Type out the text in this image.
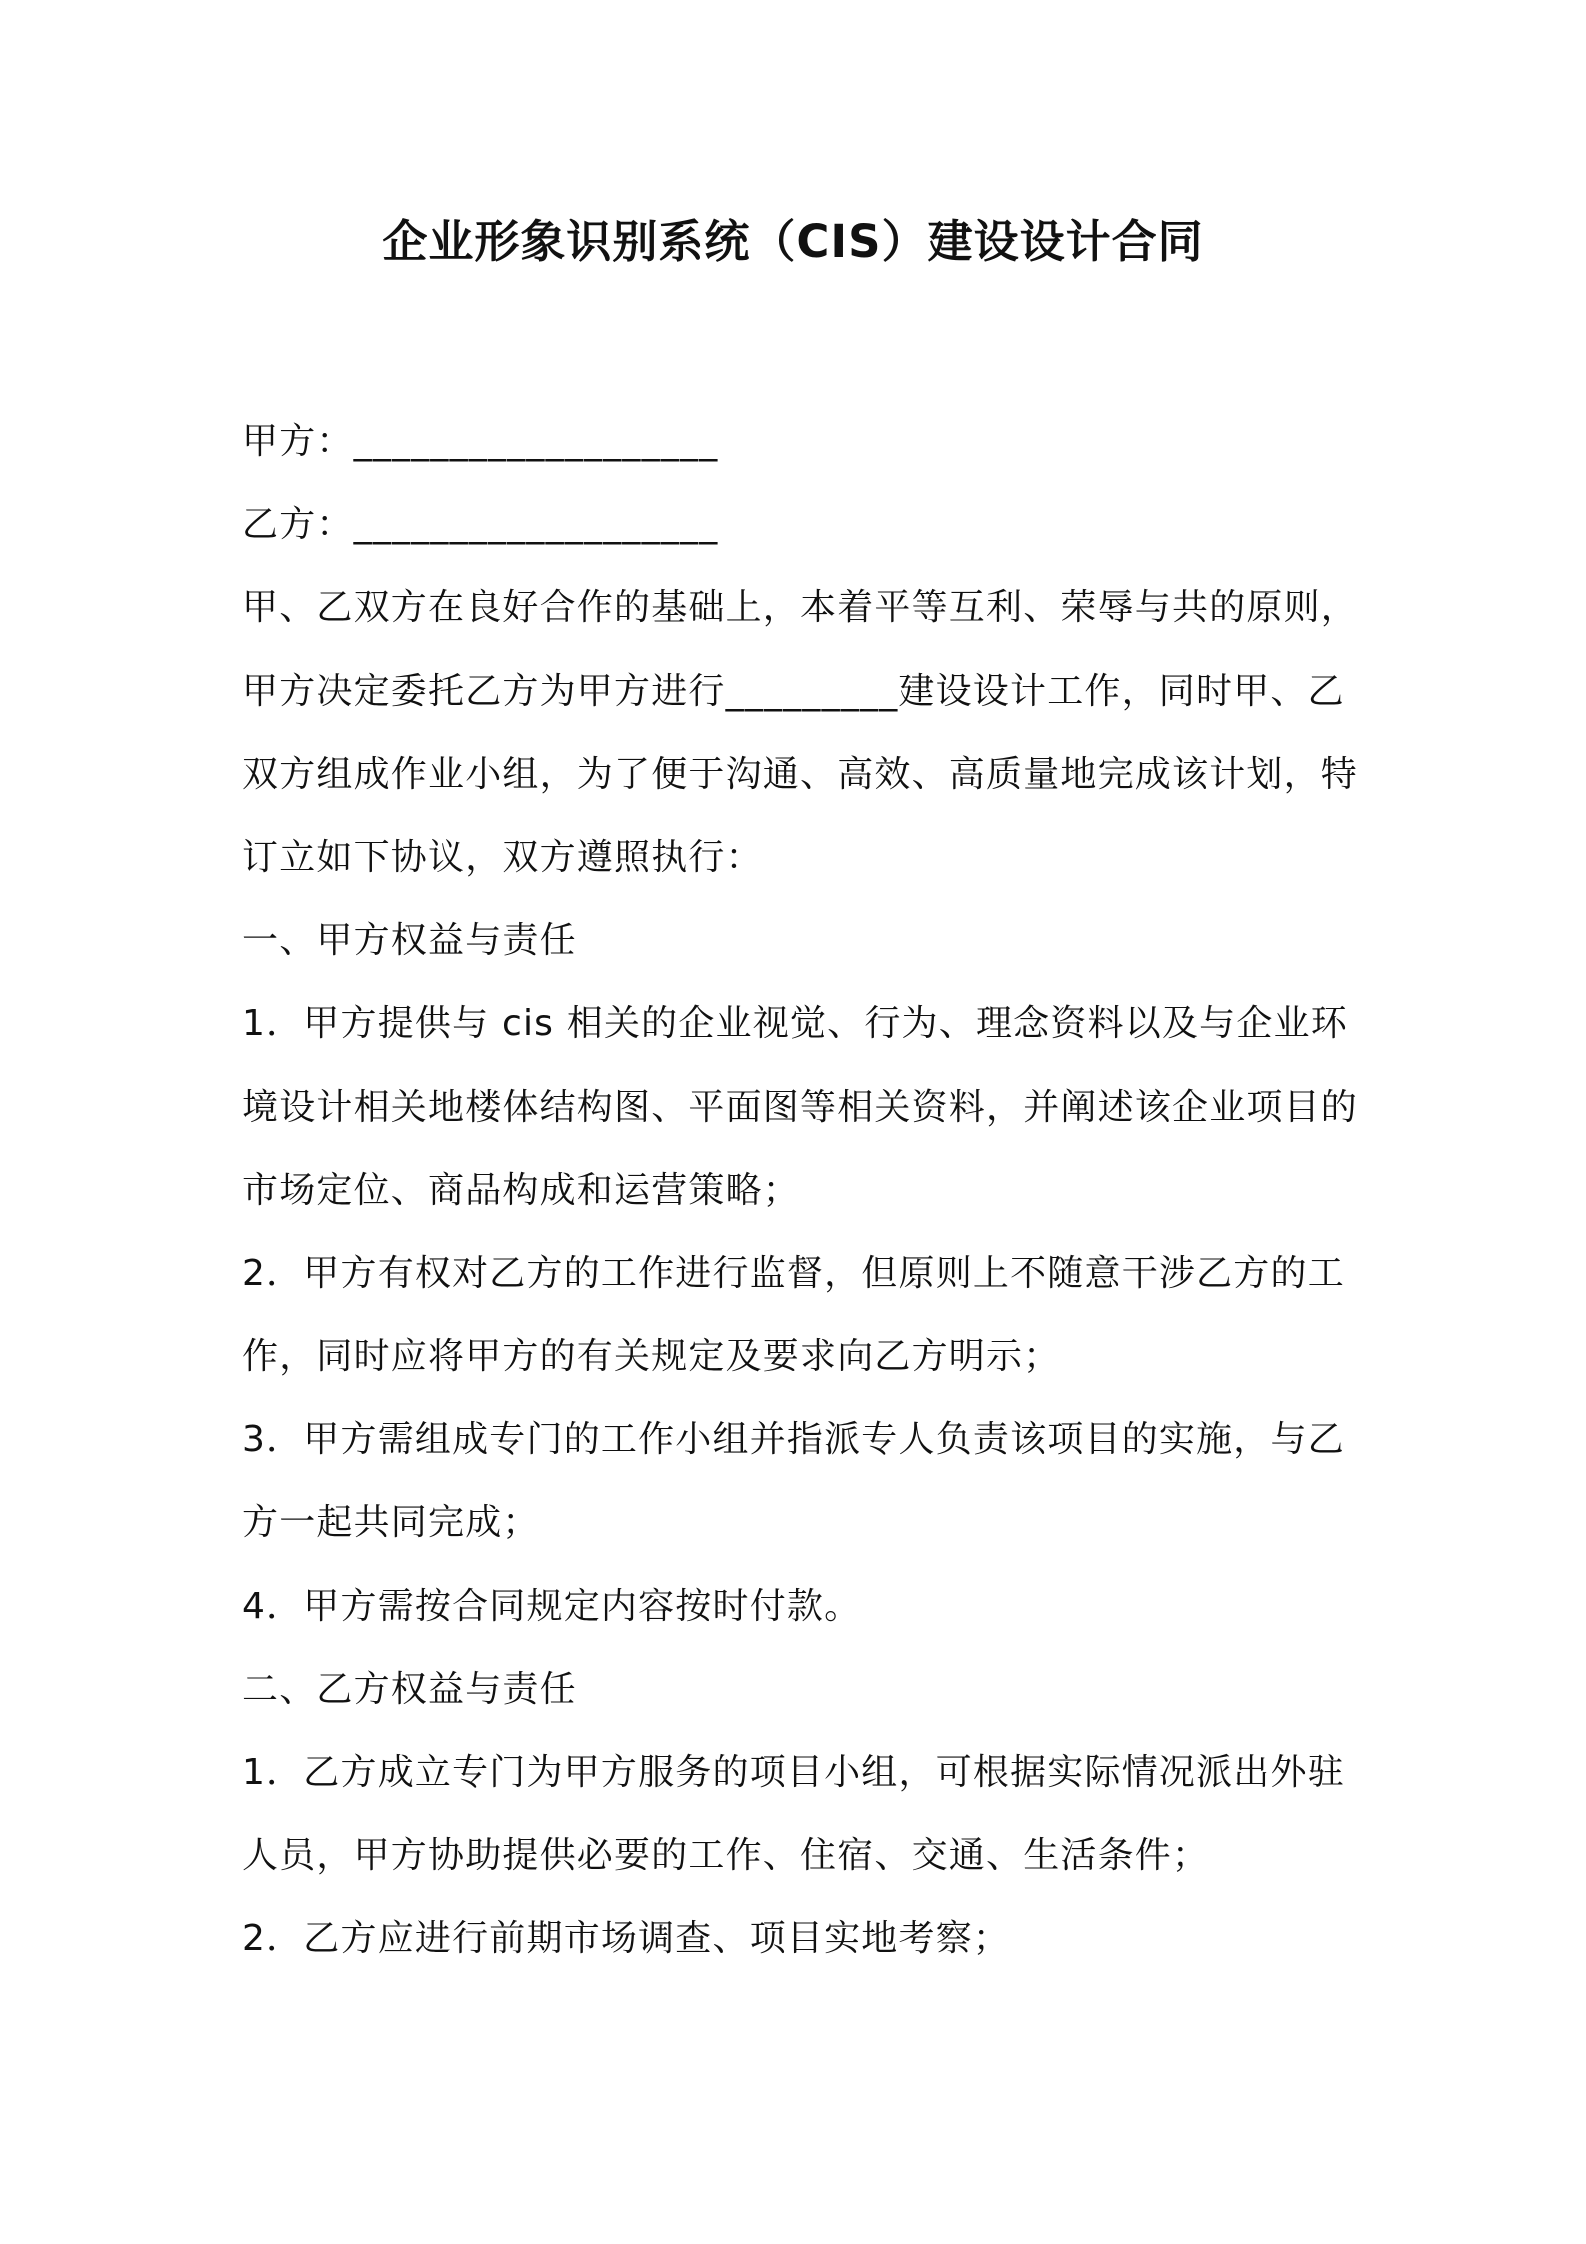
企业形象识别系统（CIS）建设设计合同
甲方：___________________
乙方：___________________
甲、乙双方在良好合作的基础上，本着平等互利、荣辱与共的原则，
甲方决定委托乙方为甲方进行_________建设设计工作，同时甲、乙
双方组成作业小组，为了便于沟通、高效、高质量地完成该计划，特
订立如下协议，双方遵照执行：
一、甲方权益与责任
1．甲方提供与 cis 相关的企业视觉、行为、理念资料以及与企业环
境设计相关地楼体结构图、平面图等相关资料，并阐述该企业项目的
市场定位、商品构成和运营策略；
2．甲方有权对乙方的工作进行监督，但原则上不随意干涉乙方的工
作，同时应将甲方的有关规定及要求向乙方明示；
3．甲方需组成专门的工作小组并指派专人负责该项目的实施，与乙
方一起共同完成；
4．甲方需按合同规定内容按时付款。
二、乙方权益与责任
1．乙方成立专门为甲方服务的项目小组，可根据实际情况派出外驻
人员，甲方协助提供必要的工作、住宿、交通、生活条件；
2．乙方应进行前期市场调查、项目实地考察；
